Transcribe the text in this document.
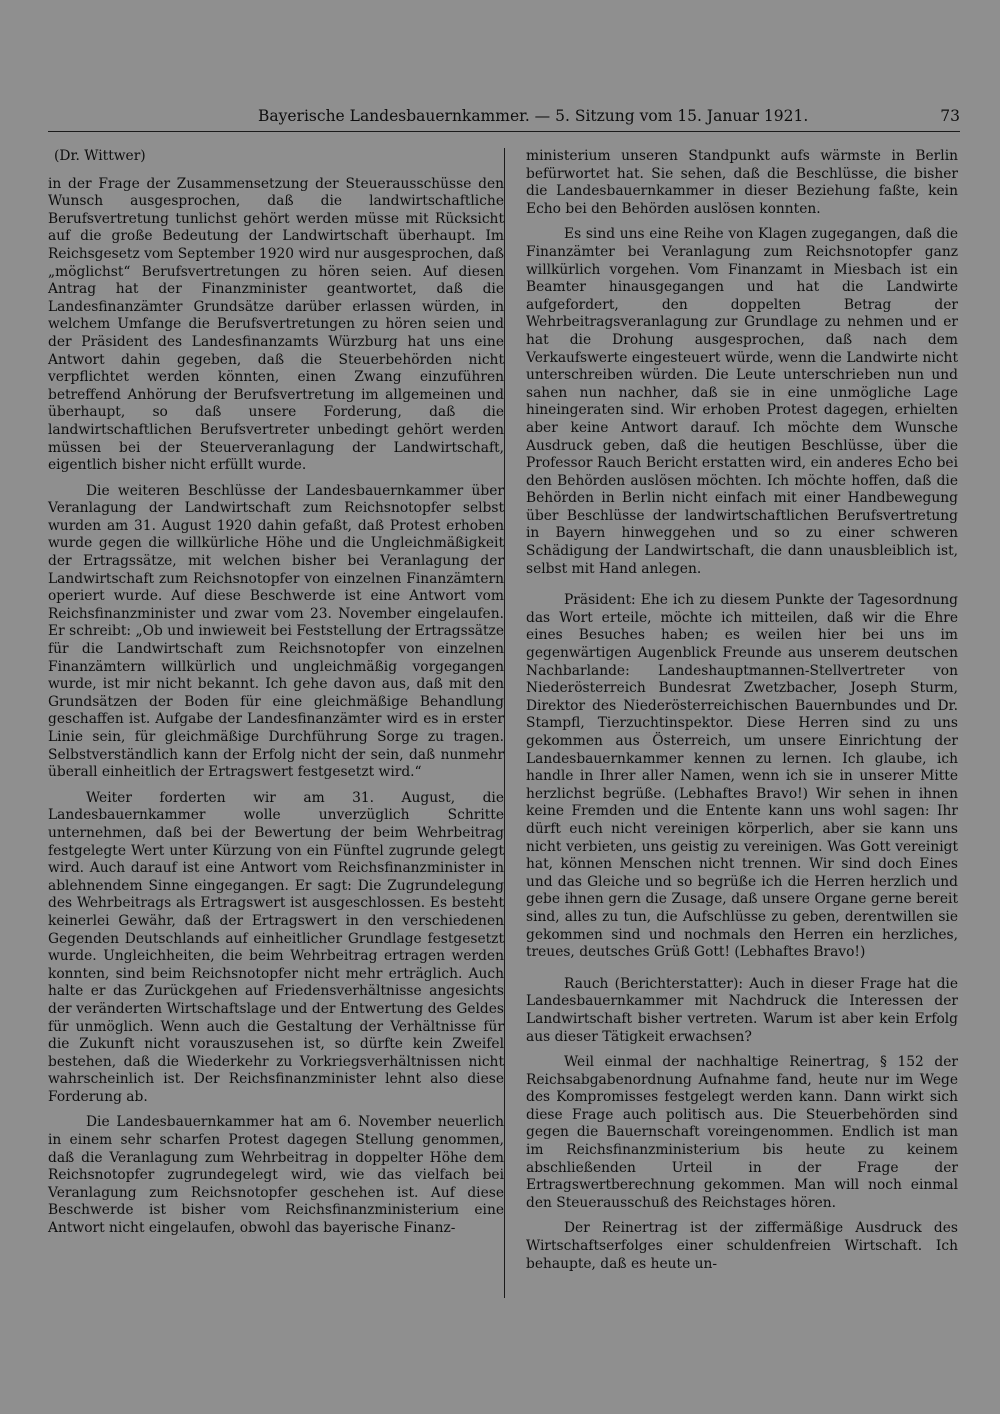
Bayerische Landesbauernkammer. — 5. Sitzung vom 15. Januar 1921.	73

(Dr. Wittwer)

in der Frage der Zusammensetzung der Steuerausschüsse den Wunsch ausgesprochen, daß die landwirtschaftliche Berufsvertretung tunlichst gehört werden müsse mit Rücksicht auf die große Bedeutung der Landwirtschaft überhaupt. Im Reichsgesetz vom September 1920 wird nur ausgesprochen, daß „möglichst“ Berufsvertretungen zu hören seien. Auf diesen Antrag hat der Finanzminister geantwortet, daß die Landesfinanzämter Grundsätze darüber erlassen würden, in welchem Umfange die Berufsvertretungen zu hören seien und der Präsident des Landesfinanzamts Würzburg hat uns eine Antwort dahin gegeben, daß die Steuerbehörden nicht verpflichtet werden könnten, einen Zwang einzuführen betreffend Anhörung der Berufsvertretung im allgemeinen und überhaupt, so daß unsere Forderung, daß die landwirtschaftlichen Berufsvertreter unbedingt gehört werden müssen bei der Steuerveranlagung der Landwirtschaft, eigentlich bisher nicht erfüllt wurde.

Die weiteren Beschlüsse der Landesbauernkammer über Veranlagung der Landwirtschaft zum Reichsnotopfer selbst wurden am 31. August 1920 dahin gefaßt, daß Protest erhoben wurde gegen die willkürliche Höhe und die Ungleichmäßigkeit der Ertragssätze, mit welchen bisher bei Veranlagung der Landwirtschaft zum Reichsnotopfer von einzelnen Finanzämtern operiert wurde. Auf diese Beschwerde ist eine Antwort vom Reichsfinanzminister und zwar vom 23. November eingelaufen. Er schreibt: „Ob und inwieweit bei Feststellung der Ertragssätze für die Landwirtschaft zum Reichsnotopfer von einzelnen Finanzämtern willkürlich und ungleichmäßig vorgegangen wurde, ist mir nicht bekannt. Ich gehe davon aus, daß mit den Grundsätzen der Boden für eine gleichmäßige Behandlung geschaffen ist. Aufgabe der Landesfinanzämter wird es in erster Linie sein, für gleichmäßige Durchführung Sorge zu tragen. Selbstverständlich kann der Erfolg nicht der sein, daß nunmehr überall einheitlich der Ertragswert festgesetzt wird.“

Weiter forderten wir am 31. August, die Landesbauernkammer wolle unverzüglich Schritte unternehmen, daß bei der Bewertung der beim Wehrbeitrag festgelegte Wert unter Kürzung von ein Fünftel zugrunde gelegt wird. Auch darauf ist eine Antwort vom Reichsfinanzminister in ablehnendem Sinne eingegangen. Er sagt: Die Zugrundelegung des Wehrbeitrags als Ertragswert ist ausgeschlossen. Es besteht keinerlei Gewähr, daß der Ertragswert in den verschiedenen Gegenden Deutschlands auf einheitlicher Grundlage festgesetzt wurde. Ungleichheiten, die beim Wehrbeitrag ertragen werden konnten, sind beim Reichsnotopfer nicht mehr erträglich. Auch halte er das Zurückgehen auf Friedensverhältnisse angesichts der veränderten Wirtschaftslage und der Entwertung des Geldes für unmöglich. Wenn auch die Gestaltung der Verhältnisse für die Zukunft nicht vorauszusehen ist, so dürfte kein Zweifel bestehen, daß die Wiederkehr zu Vorkriegsverhältnissen nicht wahrscheinlich ist. Der Reichsfinanzminister lehnt also diese Forderung ab.

Die Landesbauernkammer hat am 6. November neuerlich in einem sehr scharfen Protest dagegen Stellung genommen, daß die Veranlagung zum Wehrbeitrag in doppelter Höhe dem Reichsnotopfer zugrundegelegt wird, wie das vielfach bei Veranlagung zum Reichsnotopfer geschehen ist. Auf diese Beschwerde ist bisher vom Reichsfinanzministerium eine Antwort nicht eingelaufen, obwohl das bayerische Finanz-

ministerium unseren Standpunkt aufs wärmste in Berlin befürwortet hat. Sie sehen, daß die Beschlüsse, die bisher die Landesbauernkammer in dieser Beziehung faßte, kein Echo bei den Behörden auslösen konnten.

Es sind uns eine Reihe von Klagen zugegangen, daß die Finanzämter bei Veranlagung zum Reichsnotopfer ganz willkürlich vorgehen. Vom Finanzamt in Miesbach ist ein Beamter hinausgegangen und hat die Landwirte aufgefordert, den doppelten Betrag der Wehrbeitragsveranlagung zur Grundlage zu nehmen und er hat die Drohung ausgesprochen, daß nach dem Verkaufswerte eingesteuert würde, wenn die Landwirte nicht unterschreiben würden. Die Leute unterschrieben nun und sahen nun nachher, daß sie in eine unmögliche Lage hineingeraten sind. Wir erhoben Protest dagegen, erhielten aber keine Antwort darauf. Ich möchte dem Wunsche Ausdruck geben, daß die heutigen Beschlüsse, über die Professor Rauch Bericht erstatten wird, ein anderes Echo bei den Behörden auslösen möchten. Ich möchte hoffen, daß die Behörden in Berlin nicht einfach mit einer Handbewegung über Beschlüsse der landwirtschaftlichen Berufsvertretung in Bayern hinweggehen und so zu einer schweren Schädigung der Landwirtschaft, die dann unausbleiblich ist, selbst mit Hand anlegen.

Präsident: Ehe ich zu diesem Punkte der Tagesordnung das Wort erteile, möchte ich mitteilen, daß wir die Ehre eines Besuches haben; es weilen hier bei uns im gegenwärtigen Augenblick Freunde aus unserem deutschen Nachbarlande: Landeshauptmannen-Stellvertreter von Niederösterreich Bundesrat Zwetzbacher, Joseph Sturm, Direktor des Niederösterreichischen Bauernbundes und Dr. Stampfl, Tierzuchtinspektor. Diese Herren sind zu uns gekommen aus Österreich, um unsere Einrichtung der Landesbauernkammer kennen zu lernen. Ich glaube, ich handle in Ihrer aller Namen, wenn ich sie in unserer Mitte herzlichst begrüße. (Lebhaftes Bravo!) Wir sehen in ihnen keine Fremden und die Entente kann uns wohl sagen: Ihr dürft euch nicht vereinigen körperlich, aber sie kann uns nicht verbieten, uns geistig zu vereinigen. Was Gott vereinigt hat, können Menschen nicht trennen. Wir sind doch Eines und das Gleiche und so begrüße ich die Herren herzlich und gebe ihnen gern die Zusage, daß unsere Organe gerne bereit sind, alles zu tun, die Aufschlüsse zu geben, derentwillen sie gekommen sind und nochmals den Herren ein herzliches, treues, deutsches Grüß Gott! (Lebhaftes Bravo!)

Rauch (Berichterstatter): Auch in dieser Frage hat die Landesbauernkammer mit Nachdruck die Interessen der Landwirtschaft bisher vertreten. Warum ist aber kein Erfolg aus dieser Tätigkeit erwachsen?

Weil einmal der nachhaltige Reinertrag, § 152 der Reichsabgabenordnung Aufnahme fand, heute nur im Wege des Kompromisses festgelegt werden kann. Dann wirkt sich diese Frage auch politisch aus. Die Steuerbehörden sind gegen die Bauernschaft voreingenommen. Endlich ist man im Reichsfinanzministerium bis heute zu keinem abschließenden Urteil in der Frage der Ertragswertberechnung gekommen. Man will noch einmal den Steuerausschuß des Reichstages hören.

Der Reinertrag ist der ziffermäßige Ausdruck des Wirtschaftserfolges einer schuldenfreien Wirtschaft. Ich behaupte, daß es heute un-
